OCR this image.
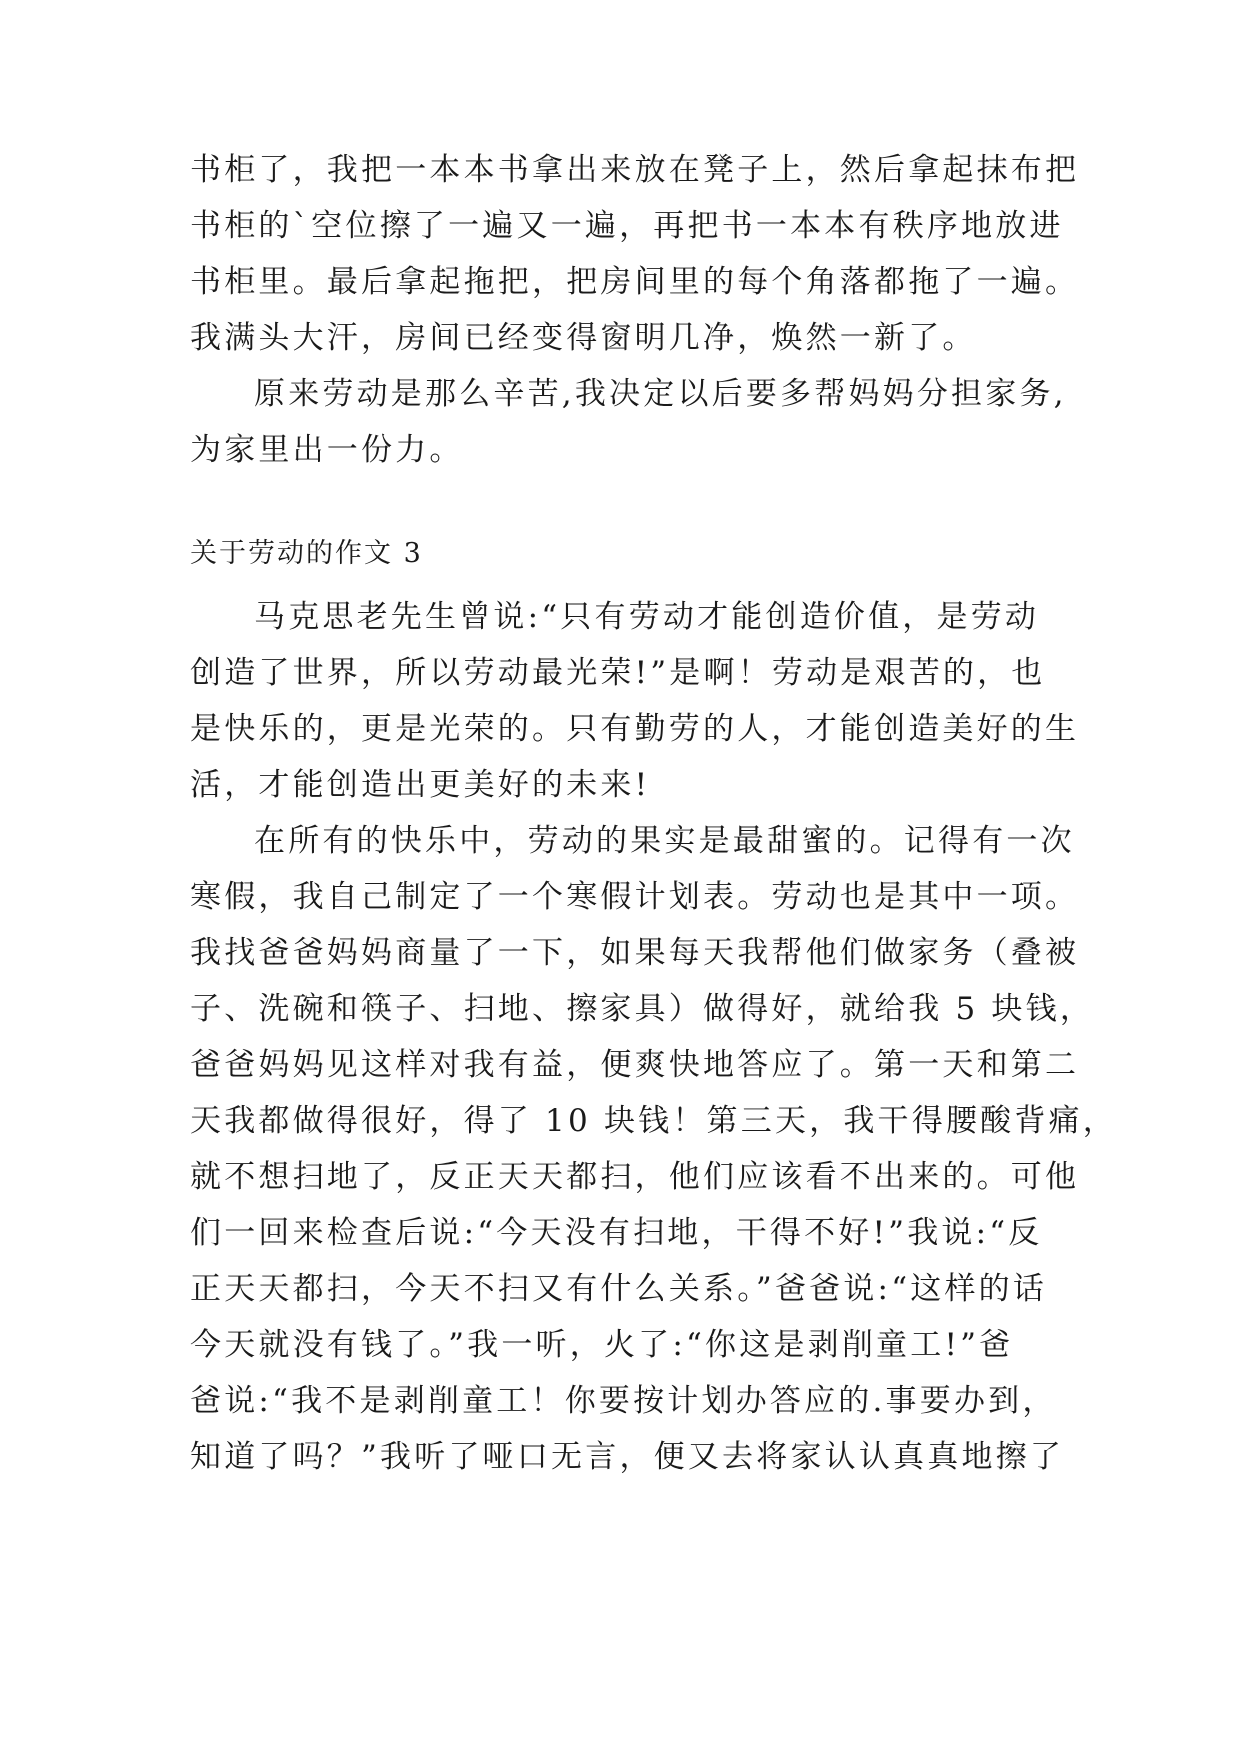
书柜了，我把一本本书拿出来放在凳子上，然后拿起抹布把
书柜的`空位擦了一遍又一遍，再把书一本本有秩序地放进
书柜里。最后拿起拖把，把房间里的每个角落都拖了一遍。
我满头大汗，房间已经变得窗明几净，焕然一新了。
原来劳动是那么辛苦,我决定以后要多帮妈妈分担家务,
为家里出一份力。
关于劳动的作文 3
马克思老先生曾说:“只有劳动才能创造价值，是劳动
创造了世界，所以劳动最光荣!”是啊！劳动是艰苦的，也
是快乐的，更是光荣的。只有勤劳的人，才能创造美好的生
活，才能创造出更美好的未来!
在所有的快乐中，劳动的果实是最甜蜜的。记得有一次
寒假，我自己制定了一个寒假计划表。劳动也是其中一项。
我找爸爸妈妈商量了一下，如果每天我帮他们做家务（叠被
子、洗碗和筷子、扫地、擦家具）做得好，就给我 5 块钱，
爸爸妈妈见这样对我有益，便爽快地答应了。第一天和第二
天我都做得很好，得了 10 块钱！第三天，我干得腰酸背痛，
就不想扫地了，反正天天都扫，他们应该看不出来的。可他
们一回来检查后说:“今天没有扫地，干得不好!”我说:“反
正天天都扫，今天不扫又有什么关系。”爸爸说:“这样的话
今天就没有钱了。”我一听，火了:“你这是剥削童工!”爸
爸说:“我不是剥削童工！你要按计划办答应的.事要办到，
知道了吗？”我听了哑口无言，便又去将家认认真真地擦了
